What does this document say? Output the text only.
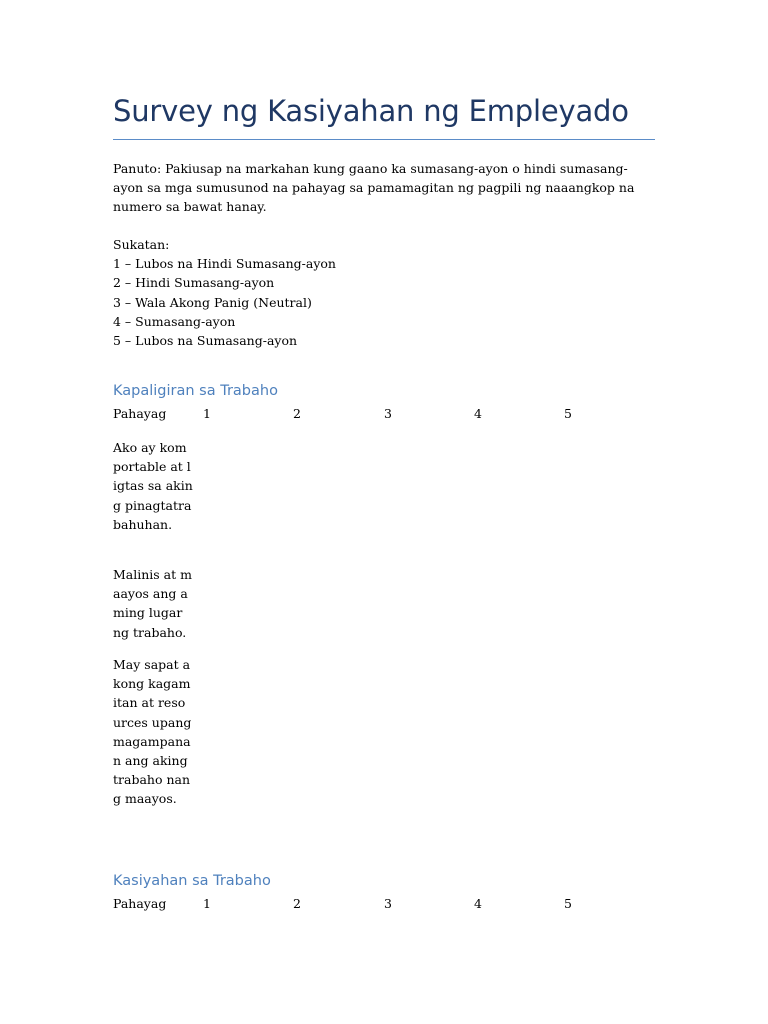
Survey ng Kasiyahan ng Empleyado
Panuto: Pakiusap na markahan kung gaano ka sumasang-ayon o hindi sumasang-ayon sa mga sumusunod na pahayag sa pamamagitan ng pagpili ng naaangkop na numero sa bawat hanay.
Sukatan:
1 – Lubos na Hindi Sumasang-ayon
2 – Hindi Sumasang-ayon
3 – Wala Akong Panig (Neutral)
4 – Sumasang-ayon
5 – Lubos na Sumasang-ayon
Kapaligiran sa Trabaho
Pahayag	1	2	3	4	5
Ako ay komportable at ligtas sa aking pinagtatrabahuhan.
Malinis at maayos ang aming lugar ng trabaho.
May sapat akong kagamitan at resources upang magampanan ang aking trabaho nang maayos.
Kasiyahan sa Trabaho
Pahayag	1	2	3	4	5
